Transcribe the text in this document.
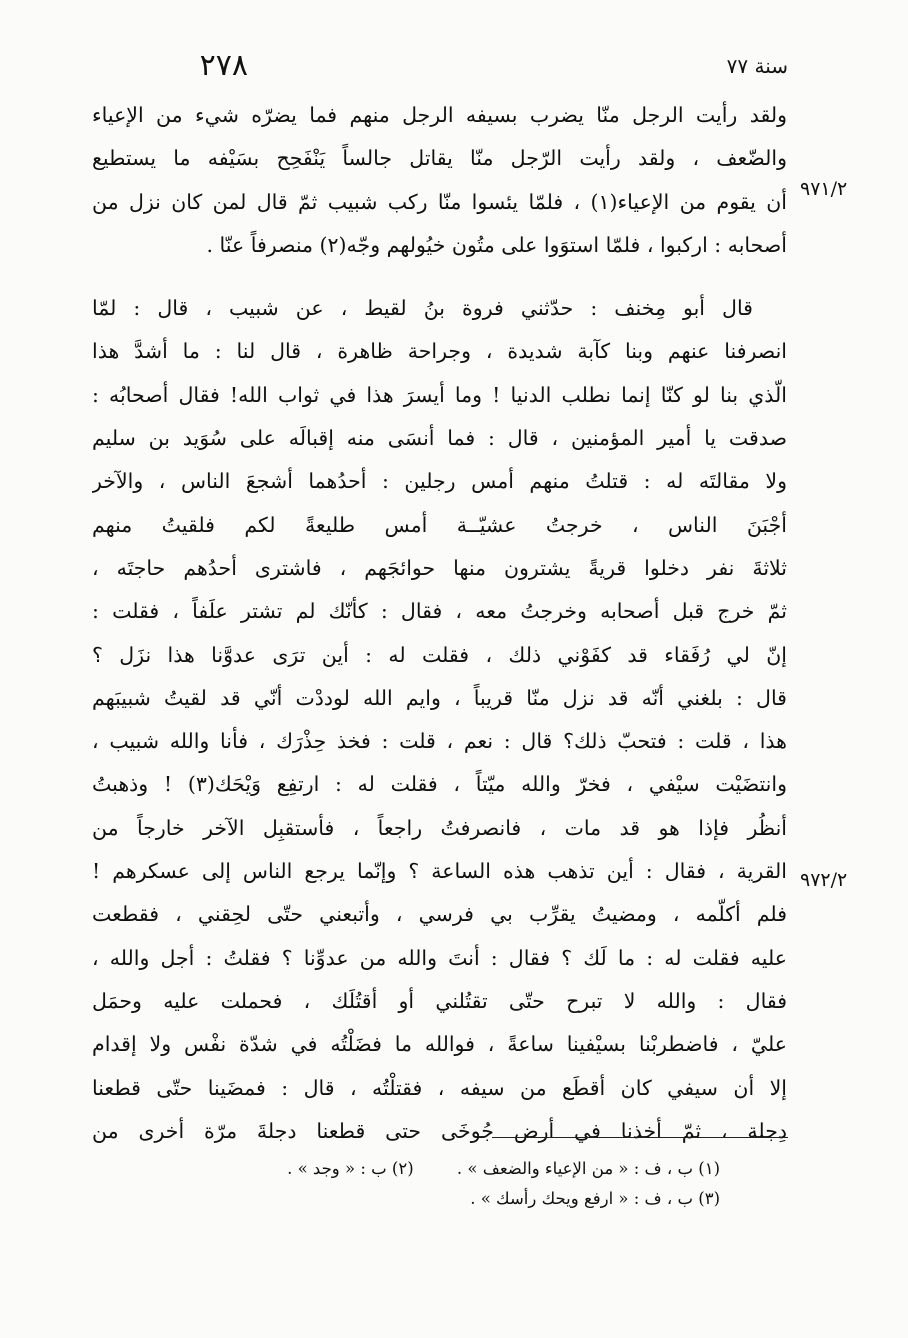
٢٧٨	سنة ٧٧
٩٧١/٢
٩٧٢/٢
ولقد رأيت الرجل منّا يضرب بسيفه الرجل منهم فما يضرّه شيء من الإعياء
والضّعف ، ولقد رأيت الرّجل منّا يقاتل جالساً يَنْفَحِح بسَيْفه ما يستطيع
أن يقوم من الإعياء(١) ، فلمّا يئسوا منّا ركب شبيب ثمّ قال لمن كان نزل من
أصحابه : اركبوا ، فلمّا استوَوا على متُون خيُولهم وجّه(٢) منصرفاً عنّا .
قال أبو مِخنف : حدّثني فروة بنُ لقيط ، عن شبيب ، قال : لمّا
انصرفنا عنهم وبنا كآبة شديدة ، وجراحة ظاهرة ، قال لنا : ما أشدَّ هذا
الّذي بنا لو كنّا إنما نطلب الدنيا ! وما أيسرَ هذا في ثواب الله! فقال أصحابُه :
صدقت يا أمير المؤمنين ، قال : فما أنسَى منه إقبالَه على سُوَيد بن سليم
ولا مقالتَه له : قتلتُ منهم أمس رجلين : أحدُهما أشجعَ الناس ، والآخر
أجْبَنَ الناس ، خرجتُ عشيّــة أمس طليعةً لكم فلقيتُ منهم
ثلاثةَ نفر دخلوا قريةً يشترون منها حوائجَهم ، فاشترى أحدُهم حاجتَه ،
ثمّ خرج قبل أصحابه وخرجتُ معه ، فقال : كأنّك لم تشتر علَفاً ، فقلت :
إنّ لي رُفَقاء قد كفَوْني ذلك ، فقلت له : أين ترَى عدوَّنا هذا نزَل ؟
قال : بلغني أنّه قد نزل منّا قريباً ، وايم الله لوددْت أنّي قد لقيتُ شبيبَهم
هذا ، قلت : فتحبّ ذلك؟ قال : نعم ، قلت : فخذ حِذْرَك ، فأنا والله شبيب ،
وانتضَيْت سيْفي ، فخرّ والله ميّتاً ، فقلت له : ارتفِع وَيْحَك(٣) ! وذهبتُ
أنظُر فإذا هو قد مات ، فانصرفتُ راجعاً ، فأستقبِل الآخر خارجاً من
القرية ، فقال : أين تذهب هذه الساعة ؟ وإنّما يرجع الناس إلى عسكرهم !
فلم أكلّمه ، ومضيتُ يقرِّب بي فرسي ، وأتبعني حتّى لحِقني ، فقطعت
عليه فقلت له : ما لَك ؟ فقال : أنتَ والله من عدوِّنا ؟ فقلتُ : أجل والله ،
فقال : والله لا تبرح حتّى تقتُلني أو أقتُلَك ، فحملت عليه وحمَل
عليّ ، فاضطربْنا بسيْفينا ساعةً ، فوالله ما فضَلْتُه في شدّة نفْس ولا إقدام
إلا أن سيفي كان أقطَع من سيفه ، فقتلْتُه ، قال : فمضَينا حتّى قطعنا
دِجلة ، ثمّ أخذنا في أرض جُوخَى حتى قطعنا دجلةَ مرّة أخرى من
(١) ب ، ف : « من الإعياء والضعف » . (٢) ب : « وجد » .
(٣) ب ، ف : « ارفع ويحك رأسك » .
